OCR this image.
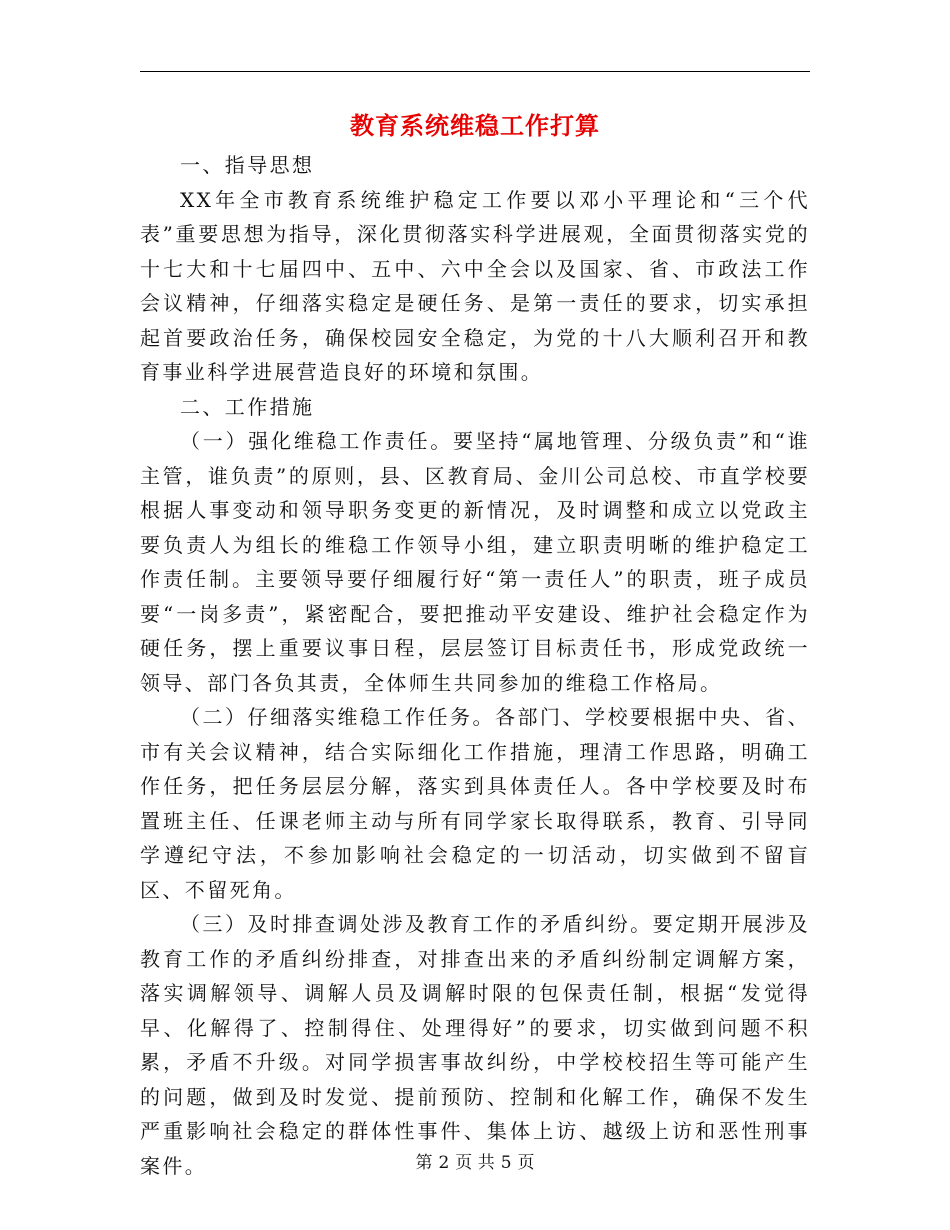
教育系统维稳工作打算

一、指导思想

XX年全市教育系统维护稳定工作要以邓小平理论和“三个代表”重要思想为指导，深化贯彻落实科学进展观，全面贯彻落实党的十七大和十七届四中、五中、六中全会以及国家、省、市政法工作会议精神，仔细落实稳定是硬任务、是第一责任的要求，切实承担起首要政治任务，确保校园安全稳定，为党的十八大顺利召开和教育事业科学进展营造良好的环境和氛围。

二、工作措施

（一）强化维稳工作责任。要坚持“属地管理、分级负责”和“谁主管，谁负责”的原则，县、区教育局、金川公司总校、市直学校要根据人事变动和领导职务变更的新情况，及时调整和成立以党政主要负责人为组长的维稳工作领导小组，建立职责明晰的维护稳定工作责任制。主要领导要仔细履行好“第一责任人”的职责，班子成员要“一岗多责”，紧密配合，要把推动平安建设、维护社会稳定作为硬任务，摆上重要议事日程，层层签订目标责任书，形成党政统一领导、部门各负其责，全体师生共同参加的维稳工作格局。

（二）仔细落实维稳工作任务。各部门、学校要根据中央、省、市有关会议精神，结合实际细化工作措施，理清工作思路，明确工作任务，把任务层层分解，落实到具体责任人。各中学校要及时布置班主任、任课老师主动与所有同学家长取得联系，教育、引导同学遵纪守法，不参加影响社会稳定的一切活动，切实做到不留盲区、不留死角。

（三）及时排查调处涉及教育工作的矛盾纠纷。要定期开展涉及教育工作的矛盾纠纷排查，对排查出来的矛盾纠纷制定调解方案，落实调解领导、调解人员及调解时限的包保责任制，根据“发觉得早、化解得了、控制得住、处理得好”的要求，切实做到问题不积累，矛盾不升级。对同学损害事故纠纷，中学校校招生等可能产生的问题，做到及时发觉、提前预防、控制和化解工作，确保不发生严重影响社会稳定的群体性事件、集体上访、越级上访和恶性刑事案件。	第 2 页 共 5 页
